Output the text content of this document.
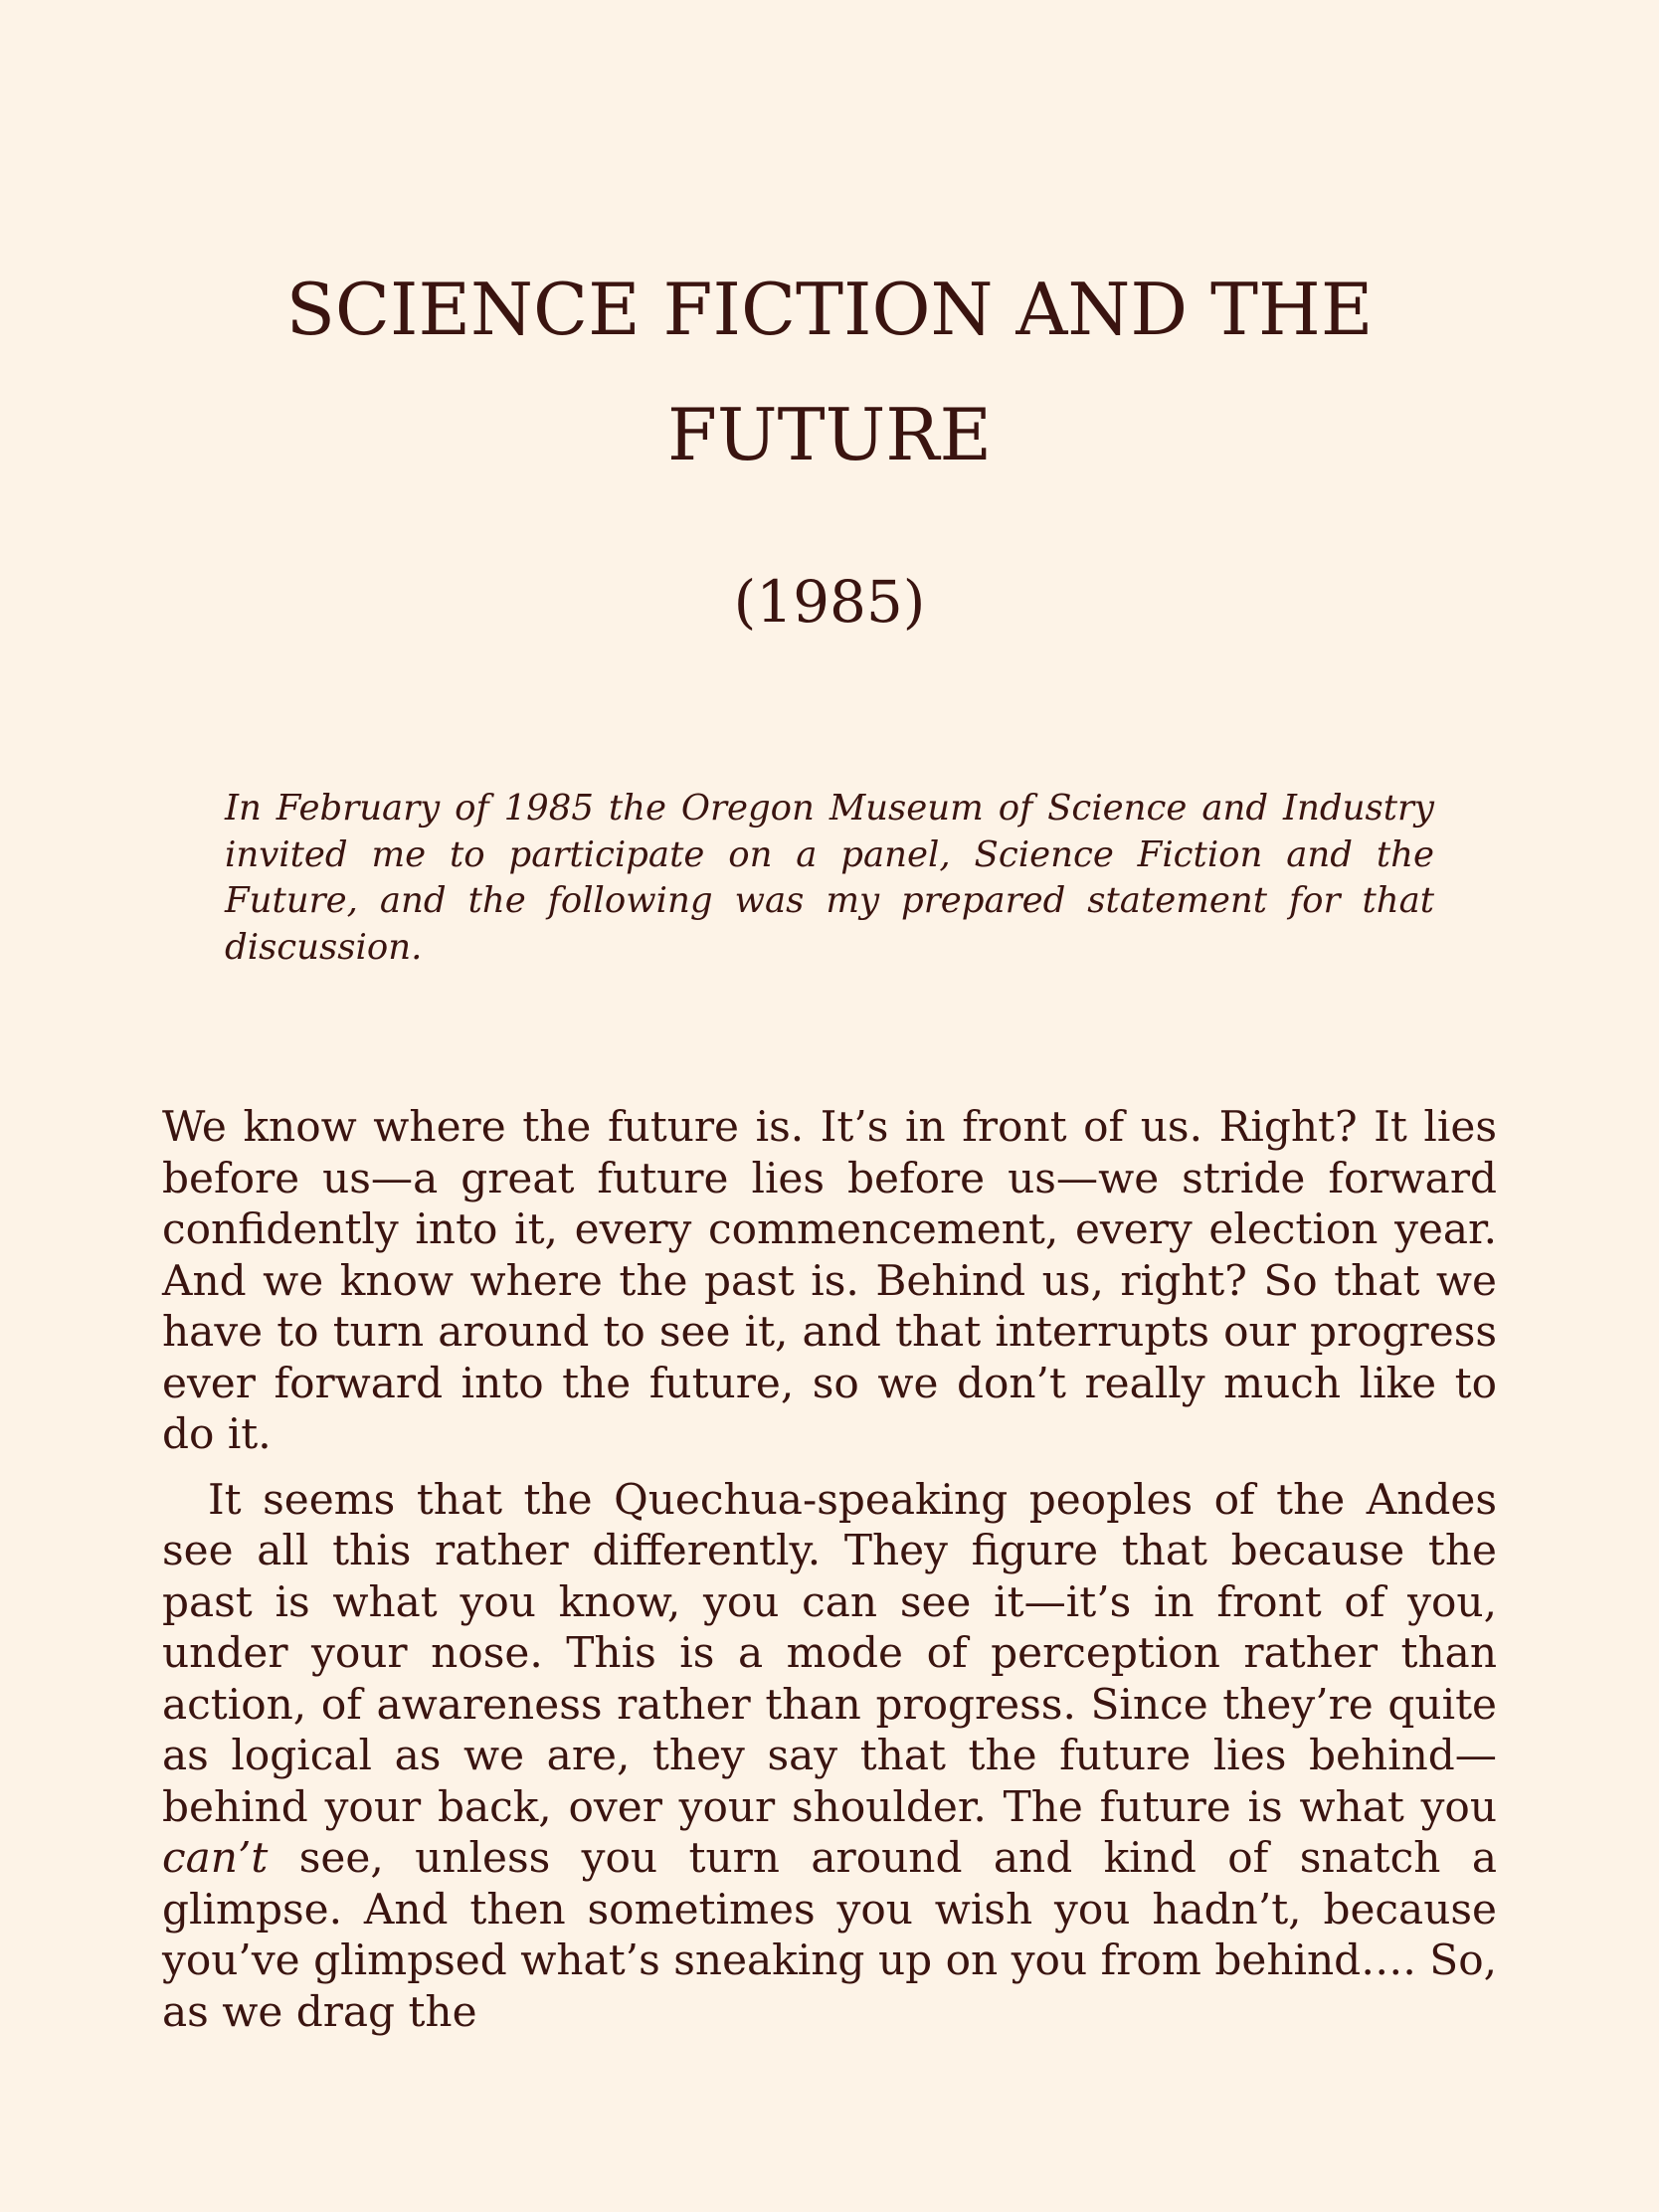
SCIENCE FICTION AND THE FUTURE
(1985)

In February of 1985 the Oregon Museum of Science and Industry invited me to participate on a panel, Science Fiction and the Future, and the following was my prepared statement for that discussion.

We know where the future is. It’s in front of us. Right? It lies before us—a great future lies before us—we stride forward confidently into it, every commencement, every election year. And we know where the past is. Behind us, right? So that we have to turn around to see it, and that interrupts our progress ever forward into the future, so we don’t really much like to do it.

It seems that the Quechua-speaking peoples of the Andes see all this rather differently. They figure that because the past is what you know, you can see it—it’s in front of you, under your nose. This is a mode of perception rather than action, of awareness rather than progress. Since they’re quite as logical as we are, they say that the future lies behind—behind your back, over your shoulder. The future is what you can’t see, unless you turn around and kind of snatch a glimpse. And then sometimes you wish you hadn’t, because you’ve glimpsed what’s sneaking up on you from behind…. So, as we drag the
